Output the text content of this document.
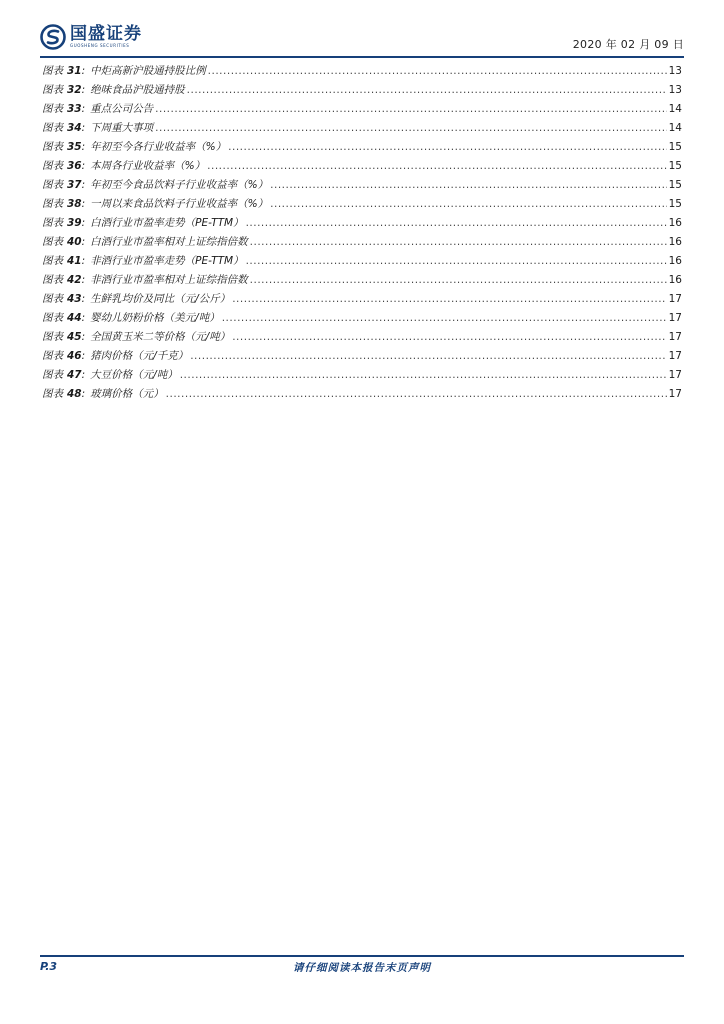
国盛证券
GUOSHENG SECURITIES	2020 年 02 月 09 日
图表 31 : 中炬高新沪股通持股比例 .....	13
图表 32 : 绝味食品沪股通持股 .....	13
图表 33 : 重点公司公告 .....	14
图表 34 : 下周重大事项 .....	14
图表 35 : 年初至今各行业收益率（%） .....	15
图表 36 : 本周各行业收益率（%） .....	15
图表 37 : 年初至今食品饮料子行业收益率（%） .....	15
图表 38 : 一周以来食品饮料子行业收益率（%） .....	15
图表 39 : 白酒行业市盈率走势（PE-TTM） .....	16
图表 40 : 白酒行业市盈率相对上证综指倍数 .....	16
图表 41 : 非酒行业市盈率走势（PE-TTM） .....	16
图表 42 : 非酒行业市盈率相对上证综指倍数 .....	16
图表 43 : 生鲜乳均价及同比（元/公斤） .....	17
图表 44 : 婴幼儿奶粉价格（美元/吨） .....	17
图表 45 : 全国黄玉米二等价格（元/吨） .....	17
图表 46 : 猪肉价格（元/千克） .....	17
图表 47 : 大豆价格（元/吨） .....	17
图表 48 : 玻璃价格（元） .....	17
P.3	请仔细阅读本报告末页声明
